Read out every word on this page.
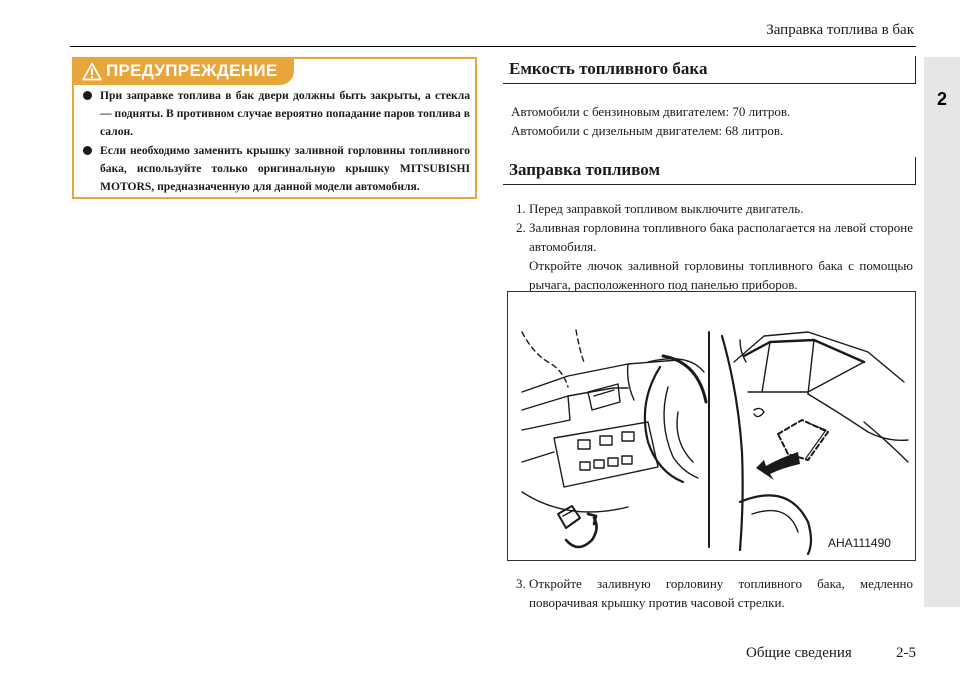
Заправка топлива в бак
2
ПРЕДУПРЕЖДЕНИЕ
При заправке топлива в бак двери должны быть закрыты, а стекла — подняты. В противном случае вероятно попадание паров топлива в салон.
Если необходимо заменить крышку заливной горловины топливного бака, используйте только оригинальную крышку MITSUBISHI MOTORS, предназначенную для данной модели автомобиля.
Емкость топливного бака
Автомобили с бензиновым двигателем: 70 литров.
Автомобили с дизельным двигателем: 68 литров.
Заправка топливом
1. Перед заправкой топливом выключите двигатель.
2. Заливная горловина топливного бака располагается на левой стороне автомобиля.
Откройте лючок заливной горловины топливного бака с помощью рычага, расположенного под панелью приборов.
AHA111490
3. Откройте заливную горловину топливного бака, медленно поворачивая крышку против часовой стрелки.
Общие сведения	2-5
